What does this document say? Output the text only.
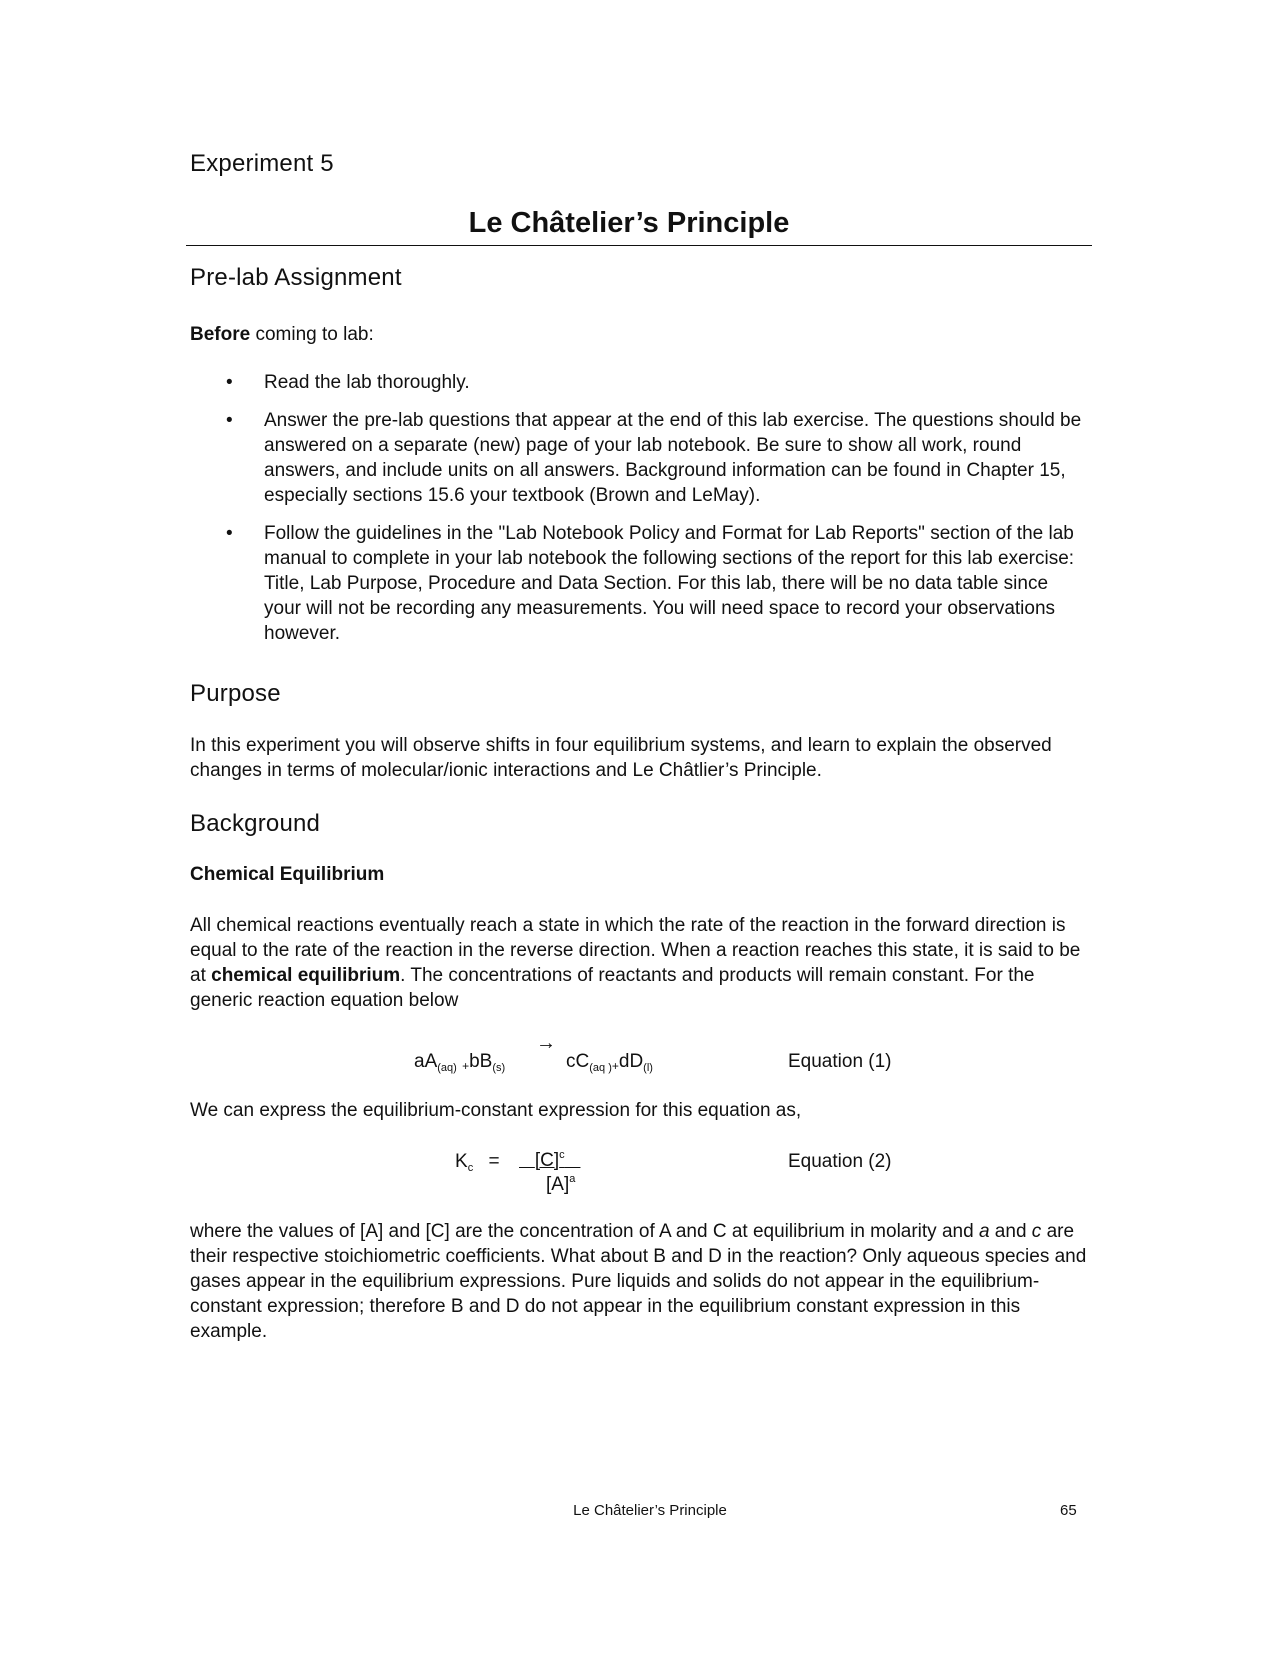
Experiment 5
Le Châtelier’s Principle
Pre-lab Assignment

Before coming to lab:

• Read the lab thoroughly.
• Answer the pre-lab questions that appear at the end of this lab exercise. The questions should be answered on a separate (new) page of your lab notebook. Be sure to show all work, round answers, and include units on all answers. Background information can be found in Chapter 15, especially sections 15.6 your textbook (Brown and LeMay).
• Follow the guidelines in the "Lab Notebook Policy and Format for Lab Reports" section of the lab manual to complete in your lab notebook the following sections of the report for this lab exercise: Title, Lab Purpose, Procedure and Data Section. For this lab, there will be no data table since your will not be recording any measurements. You will need space to record your observations however.
Purpose

In this experiment you will observe shifts in four equilibrium systems, and learn to explain the observed changes in terms of molecular/ionic interactions and Le Châtlier’s Principle.

Background

Chemical Equilibrium

All chemical reactions eventually reach a state in which the rate of the reaction in the forward direction is equal to the rate of the reaction in the reverse direction. When a reaction reaches this state, it is said to be at chemical equilibrium. The concentrations of reactants and products will remain constant. For the generic reaction equation below

$aA_{(aq)} +bB_{(s)}$
→
$cC_{(aq )}+dD_{(l)}$	Equation (1)

We can express the equilibrium-constant expression for this equation as,

$K_c$ =	$[C]^c$
$[A]^a$
Equation (2)

where the values of [A] and [C] are the concentration of A and C at equilibrium in molarity and a and c are their respective stoichiometric coefficients. What about B and D in the reaction? Only aqueous species and gases appear in the equilibrium expressions. Pure liquids and solids do not appear in the equilibrium-constant expression; therefore B and D do not appear in the equilibrium constant expression in this example.

Le Châtelier’s Principle	65
